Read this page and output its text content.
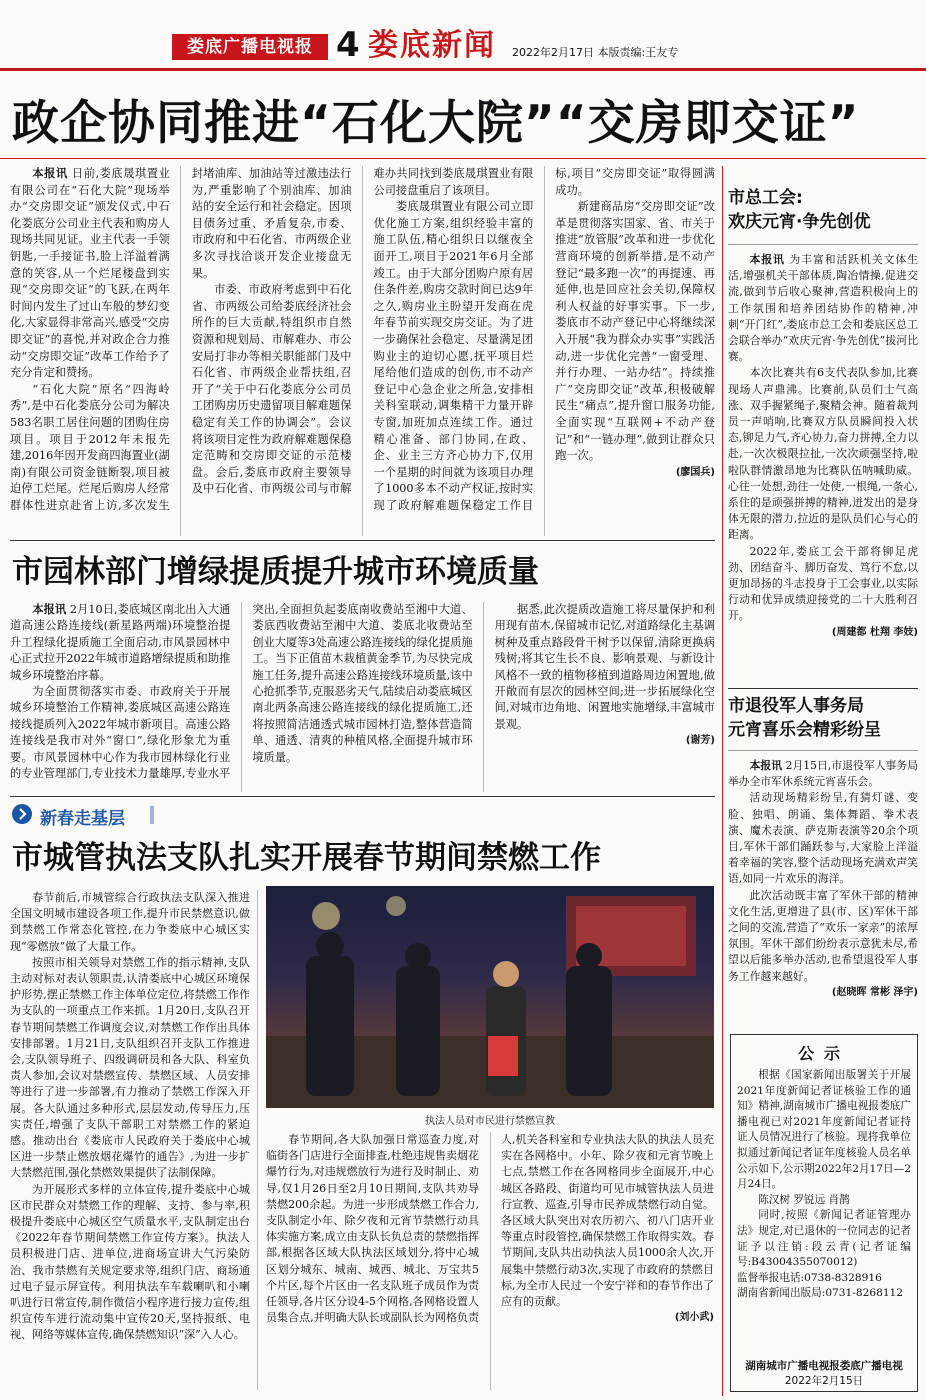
娄底广播电视报 4 娄底新闻 2022年2月17日 本版责编:王友专
政企协同推进“石化大院”“交房即交证”

本报讯 日前,娄底晟琪置业有限公司在“石化大院”现场举办“交房即交证”颁发仪式,中石化娄底分公司业主代表和购房人现场共同见证。业主代表一手领钥匙,一手接证书,脸上洋溢着满意的笑容,从一个烂尾楼盘到实现“交房即交证”的飞跃,在两年时间内发生了过山车般的梦幻变化,大家显得非常高兴,感受“交房即交证”的喜悦,并对政企合力推动“交房即交证”改革工作给予了充分肯定和赞扬。

“石化大院”原名“四海岭秀”,是中石化娄底分公司为解决583名职工居住问题的团购住房项目。项目于2012年未报先建,2016年因开发商四海置业(湖南)有限公司资金链断裂,项目被迫停工烂尾。烂尾后购房人经常群体性进京赴省上访,多次发生封堵油库、加油站等过激违法行为,严重影响了个别油库、加油站的安全运行和社会稳定。因项目债务过重、矛盾复杂,市委、市政府和中石化省、市两级企业多次寻找洽谈开发企业接盘无果。

市委、市政府考虑到中石化省、市两级公司给娄底经济社会所作的巨大贡献,特组织市自然资源和规划局、市解难办、市公安局打非办等相关职能部门及中石化省、市两级企业帮扶组,召开了“关于中石化娄底分公司员工团购房历史遗留项目解难题保稳定有关工作的协调会”。会议将该项目定性为政府解难题保稳定范畴和交房即交证的示范楼盘。会后,娄底市政府主要领导及中石化省、市两级公司与市解难办共同找到娄底晟琪置业有限公司接盘重启了该项目。

娄底晟琪置业有限公司立即优化施工方案,组织经验丰富的施工队伍,精心组织日以继夜全面开工,项目于2021年6月全部竣工。由于大部分团购户原有居住条件差,购房交款时间已达9年之久,购房业主盼望开发商在虎年春节前实现交房交证。为了进一步确保社会稳定、尽量满足团购业主的迫切心愿,抚平项目烂尾给他们造成的创伤,市不动产登记中心急企业之所急,安排相关科室联动,调集精干力量开辟专窗,加班加点连续工作。通过精心准备、部门协同,在政、企、业主三方齐心协力下,仅用一个星期的时间就为该项目办理了1000多本不动产权证,按时实现了政府解难题保稳定工作目标,项目“交房即交证”取得圆满成功。

新建商品房“交房即交证”改革是贯彻落实国家、省、市关于推进“放管服”改革和进一步优化营商环境的创新举措,是不动产登记“最多跑一次”的再提速、再延伸,也是回应社会关切,保障权利人权益的好事实事。下一步,娄底市不动产登记中心将继续深入开展“我为群众办实事”实践活动,进一步优化完善“一窗受理、并行办理、一站办结”。持续推广“交房即交证”改革,积极破解民生“痛点”,提升窗口服务功能,全面实现“互联网+不动产登记”和“一链办理”,做到让群众只跑一次。

(廖国兵)
市总工会:
欢庆元宵·争先创优

本报讯 为丰富和活跃机关文体生活,增强机关干部体质,陶冶情操,促进交流,做到节后收心聚神,营造积极向上的工作氛围和培养团结协作的精神,冲刺“开门红”,娄底市总工会和娄底区总工会联合举办“欢庆元宵·争先创优”拔河比赛。

本次比赛共有6支代表队参加,比赛现场人声鼎沸。比赛前,队员们士气高涨、双手握紧绳子,聚精会神。随着裁判员一声哨响,比赛双方队员瞬间投入状态,铆足力气,齐心协力,奋力拼搏,全力以赴,一次次极限拉扯,一次次顽强坚持,啦啦队群情激昂地为比赛队伍呐喊助威。心往一处想,劲往一处使,一根绳,一条心,系住的是顽强拼搏的精神,迸发出的是身体无限的潜力,拉近的是队员们心与心的距离。

2022年,娄底工会干部将铆足虎劲、团结奋斗、脚历奋发、笃行不怠,以更加昂扬的斗志投身于工会事业,以实际行动和优异成绩迎接党的二十大胜利召开。

(周建都 杜翔 李妓)
市退役军人事务局
元宵喜乐会精彩纷呈

本报讯 2月15日,市退役军人事务局举办全市军休系统元宵喜乐会。

活动现场精彩纷呈,有猜灯谜、变脸、独唱、朗诵、集体舞蹈、拳术表演、魔术表演、萨克斯表演等20余个项目,军休干部们踊跃参与,大家脸上洋溢着幸福的笑容,整个活动现场充满欢声笑语,如同一片欢乐的海洋。

此次活动既丰富了军休干部的精神文化生活,更增进了县(市、区)军休干部之间的交流,营造了“欢乐一家亲”的浓厚氛围。军休干部们纷纷表示意犹未尽,希望以后能多举办活动,也希望退役军人事务工作越来越好。

(赵晓晖 常彬 泽宇)
公示

根据《国家新闻出版署关于开展2021年度新闻记者证核验工作的通知》精神,湖南城市广播电视报娄底广播电视已对2021年度新闻记者证持证人员情况进行了核验。现将我单位拟通过新闻记者证年度核验人员名单公示如下,公示期2022年2月17日—2月24日。

陈汉树 罗锐远 肖鹊

同时,按照《新闻记者证管理办法》规定,对已退休的一位同志的记者证予以注销:段云青(记者证编号:B43004355070012)

监督举报电话:0738-8328916

湖南省新闻出版局:0731-8268112

湖南城市广播电视报娄底广播电视
2022年2月15日
市园林部门增绿提质提升城市环境质量

本报讯 2月10日,娄底城区南北出入大通道高速公路连接线(新星路两端)环境整治提升工程绿化提质施工全面启动,市风景园林中心正式拉开2022年城市道路增绿提质和助推城乡环境整治序幕。

为全面贯彻落实市委、市政府关于开展城乡环境整治工作精神,娄底城区高速公路连接线提质列入2022年城市新项目。高速公路连接线是我市对外“窗口”,绿化形象尤为重要。市风景园林中心作为我市园林绿化行业的专业管理部门,专业技术力量雄厚,专业水平突出,全面担负起娄底南收费站至湘中大道、娄底西收费站至湘中大道、娄底北收费站至创业大厦等3处高速公路连接线的绿化提质施工。当下正值苗木栽植黄金季节,为尽快完成施工任务,提升高速公路连接线环境质量,该中心抢抓季节,克服恶劣天气,陆续启动娄底城区南北两条高速公路连接线的绿化提质施工,还将按照简洁通透式城市园林打造,整体营造简单、通透、清爽的种植风格,全面提升城市环境质量。

据悉,此次提质改造施工将尽量保护和利用现有苗木,保留城市记忆,对道路绿化主基调树种及重点路段骨干树予以保留,清除更换病残树;将其它生长不良、影响景观、与新设计风格不一致的植物移植到道路周边闲置地,做开敞而有层次的园林空间;进一步拓展绿化空间,对城市边角地、闲置地实施增绿,丰富城市景观。

(谢芳)
新春走基层
市城管执法支队扎实开展春节期间禁燃工作
执法人员对市民进行禁燃宣教

春节前后,市城管综合行政执法支队深入推进全国文明城市建设各项工作,提升市民禁燃意识,做到禁燃工作常态化管控,在力争娄底中心城区实现“零燃放”做了大量工作。

按照市相关领导对禁燃工作的指示精神,支队主动对标对表认领职责,认清娄底中心城区环境保护形势,摆正禁燃工作主体单位定位,将禁燃工作作为支队的一项重点工作来抓。1月20日,支队召开春节期间禁燃工作调度会议,对禁燃工作作出具体安排部署。1月21日,支队组织召开支队工作推进会,支队领导班子、四级调研员和各大队、科室负责人参加,会议对禁燃宣传、禁燃区域、人员安排等进行了进一步部署,有力推动了禁燃工作深入开展。各大队通过多种形式,层层发动,传导压力,压实责任,增强了支队干部职工对禁燃工作的紧迫感。推动出台《娄底市人民政府关于娄底中心城区进一步禁止燃放烟花爆竹的通告》,为进一步扩大禁燃范围,强化禁燃效果提供了法制保障。

为开展形式多样的立体宣传,提升娄底中心城区市民群众对禁燃工作的理解、支持、参与率,积极提升娄底中心城区空气质量水平,支队制定出台《2022年春节期间禁燃工作宣传方案》。执法人员积极进门店、进单位,进商场宣讲大气污染防治、我市禁燃有关规定要求等,组织门店、商场通过电子显示屏宣传。利用执法车车载喇叭和小喇叭进行日常宣传,制作微信小程序进行接力宣传,组织宣传车进行流动集中宣传20天,坚持报纸、电视、网络等媒体宣传,确保禁燃知识“深”入人心。

春节期间,各大队加强日常巡查力度,对临街各门店进行全面排查,杜绝违规售卖烟花爆竹行为,对违规燃放行为进行及时制止、劝导,仅1月26日至2月10日期间,支队共劝导禁燃200余起。为进一步形成禁燃工作合力,支队制定小年、除夕夜和元宵节禁燃行动具体实施方案,成立由支队长负总责的禁燃指挥部,根据各区域大队执法区域划分,将中心城区划分城东、城南、城西、城北、万宝共5个片区,每个片区由一名支队班子成员作为责任领导,各片区分设4-5个网格,各网格设置人员集合点,并明确大队长或副队长为网格负责人,机关各科室和专业执法大队的执法人员充实在各网格中。小年、除夕夜和元宵节晚上七点,禁燃工作在各网格同步全面展开,中心城区各路段、街道均可见市城管执法人员进行宣教、巡查,引导市民养成禁燃行动自觉。各区域大队突出对农历初六、初八门店开业等重点时段管控,确保禁燃工作取得实效。春节期间,支队共出动执法人员1000余人次,开展集中禁燃行动3次,实现了市政府的禁燃目标,为全市人民过一个安宁祥和的春节作出了应有的贡献。

(刘小武)
